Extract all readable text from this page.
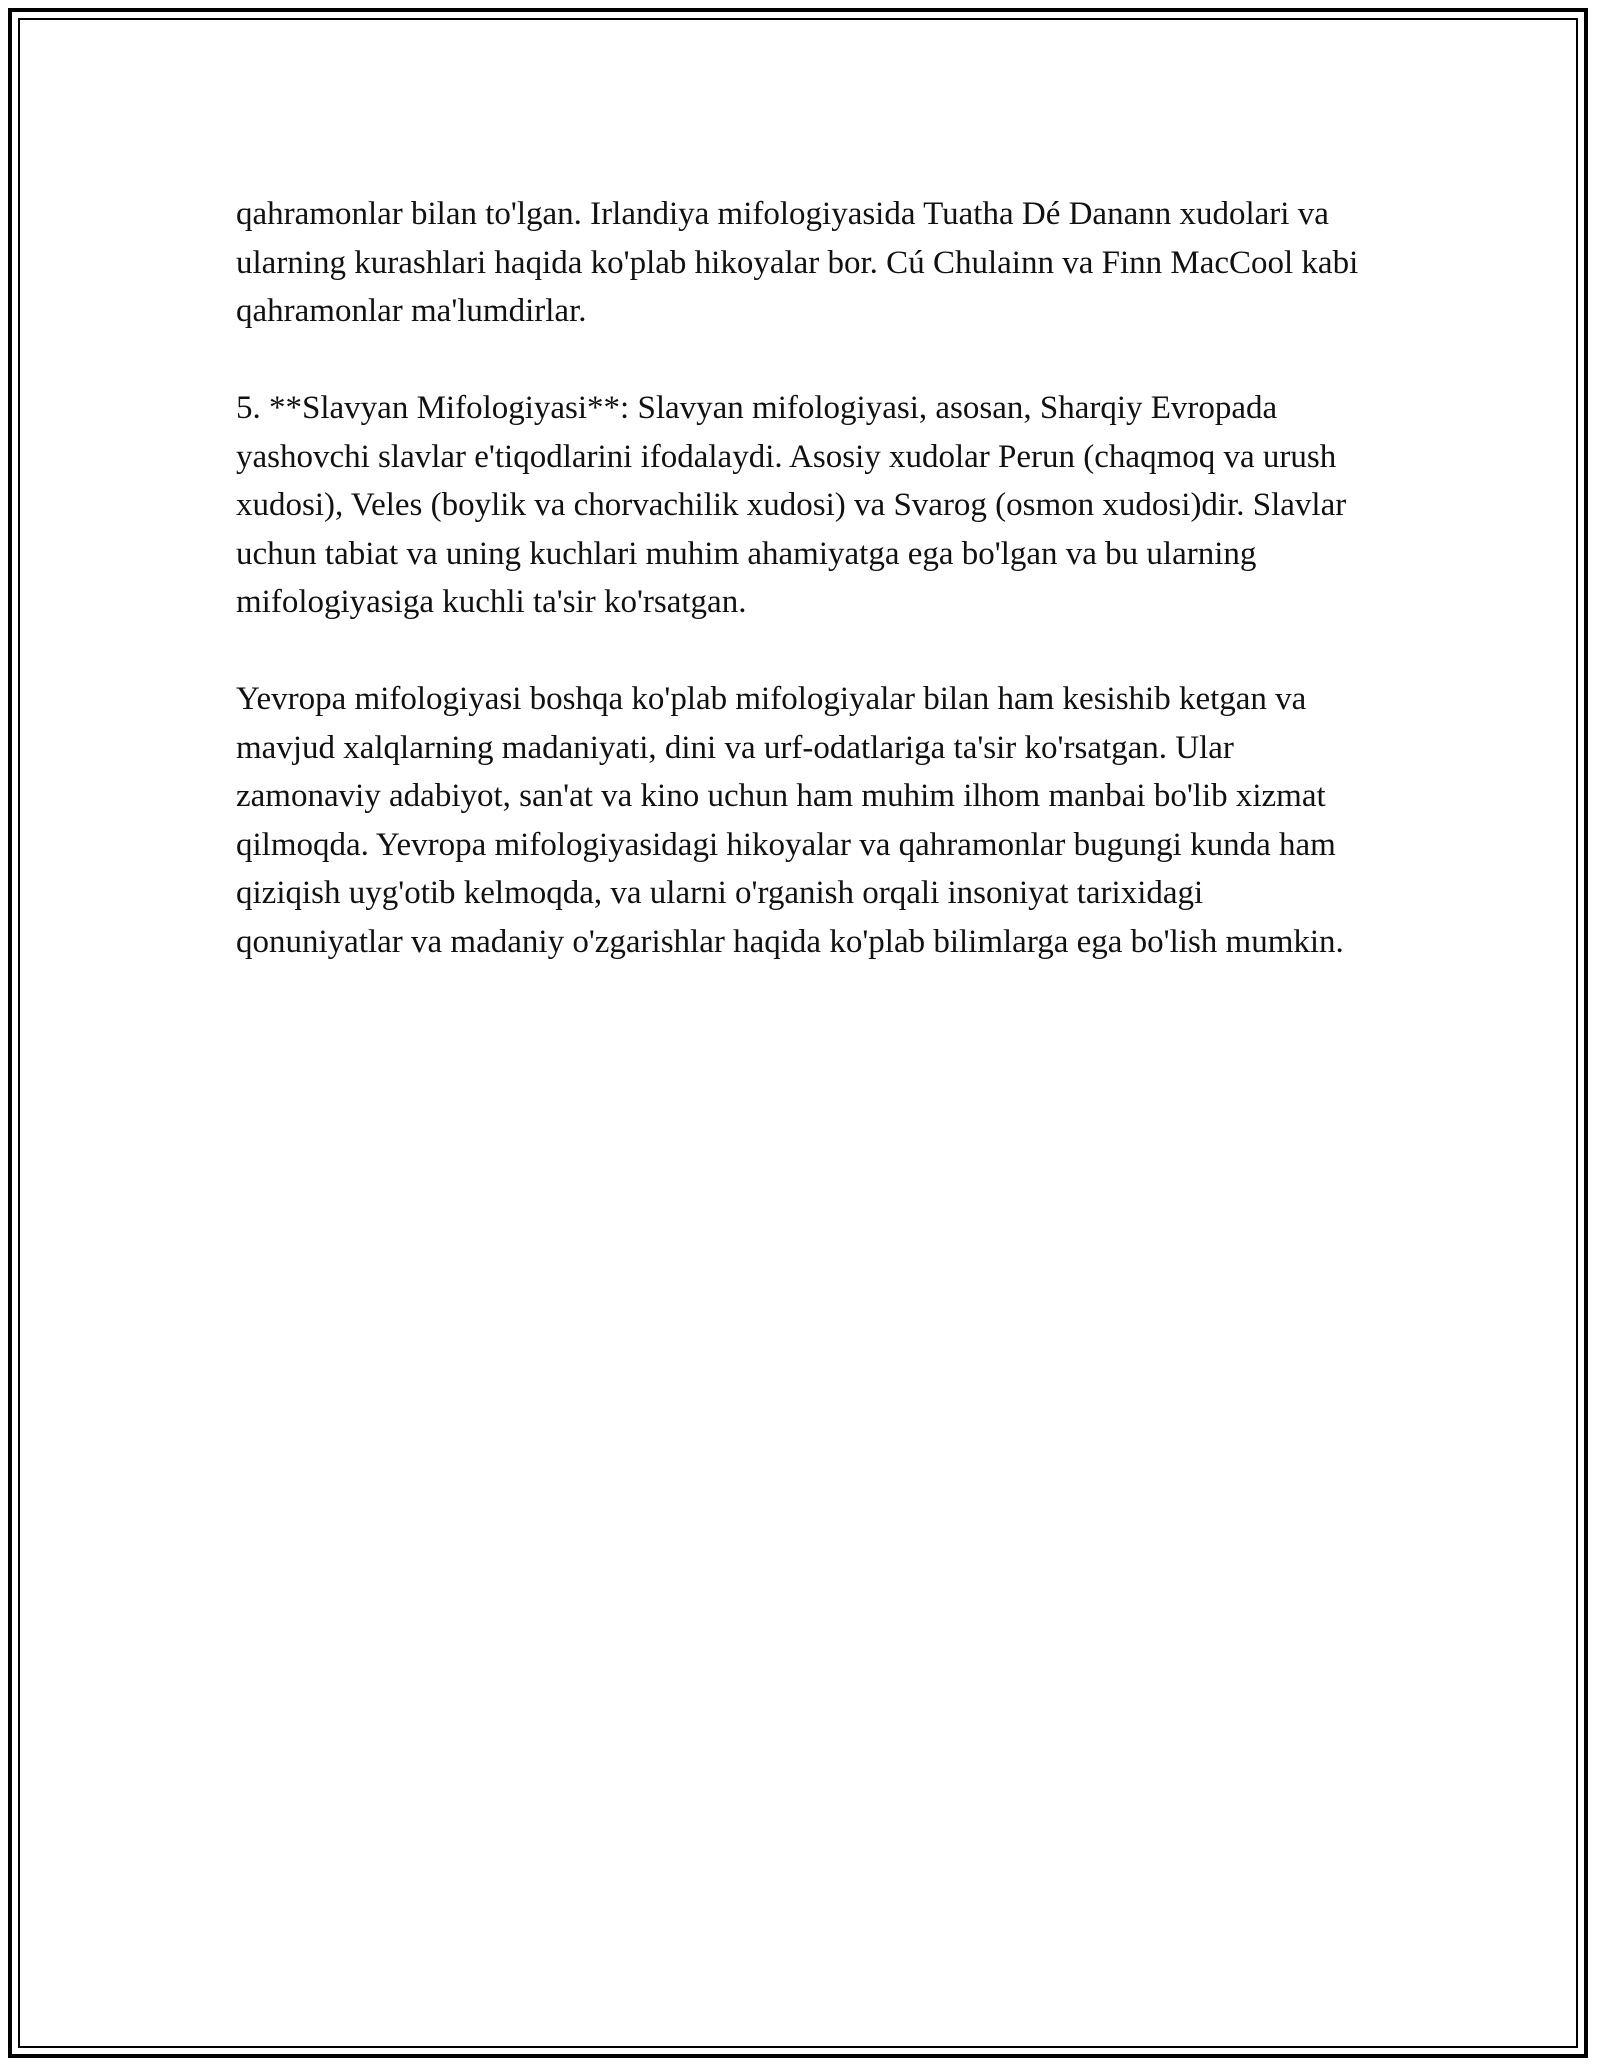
qahramonlar bilan to'lgan. Irlandiya mifologiyasida Tuatha Dé Danann xudolari va ularning kurashlari haqida ko'plab hikoyalar bor. Cú Chulainn va Finn MacCool kabi qahramonlar ma'lumdirlar.

5. **Slavyan Mifologiyasi**: Slavyan mifologiyasi, asosan, Sharqiy Evropada yashovchi slavlar e'tiqodlarini ifodalaydi. Asosiy xudolar Perun (chaqmoq va urush xudosi), Veles (boylik va chorvachilik xudosi) va Svarog (osmon xudosi)dir. Slavlar uchun tabiat va uning kuchlari muhim ahamiyatga ega bo'lgan va bu ularning mifologiyasiga kuchli ta'sir ko'rsatgan.

Yevropa mifologiyasi boshqa ko'plab mifologiyalar bilan ham kesishib ketgan va mavjud xalqlarning madaniyati, dini va urf-odatlariga ta'sir ko'rsatgan. Ular zamonaviy adabiyot, san'at va kino uchun ham muhim ilhom manbai bo'lib xizmat qilmoqda. Yevropa mifologiyasidagi hikoyalar va qahramonlar bugungi kunda ham qiziqish uyg'otib kelmoqda, va ularni o'rganish orqali insoniyat tarixidagi qonuniyatlar va madaniy o'zgarishlar haqida ko'plab bilimlarga ega bo'lish mumkin.
